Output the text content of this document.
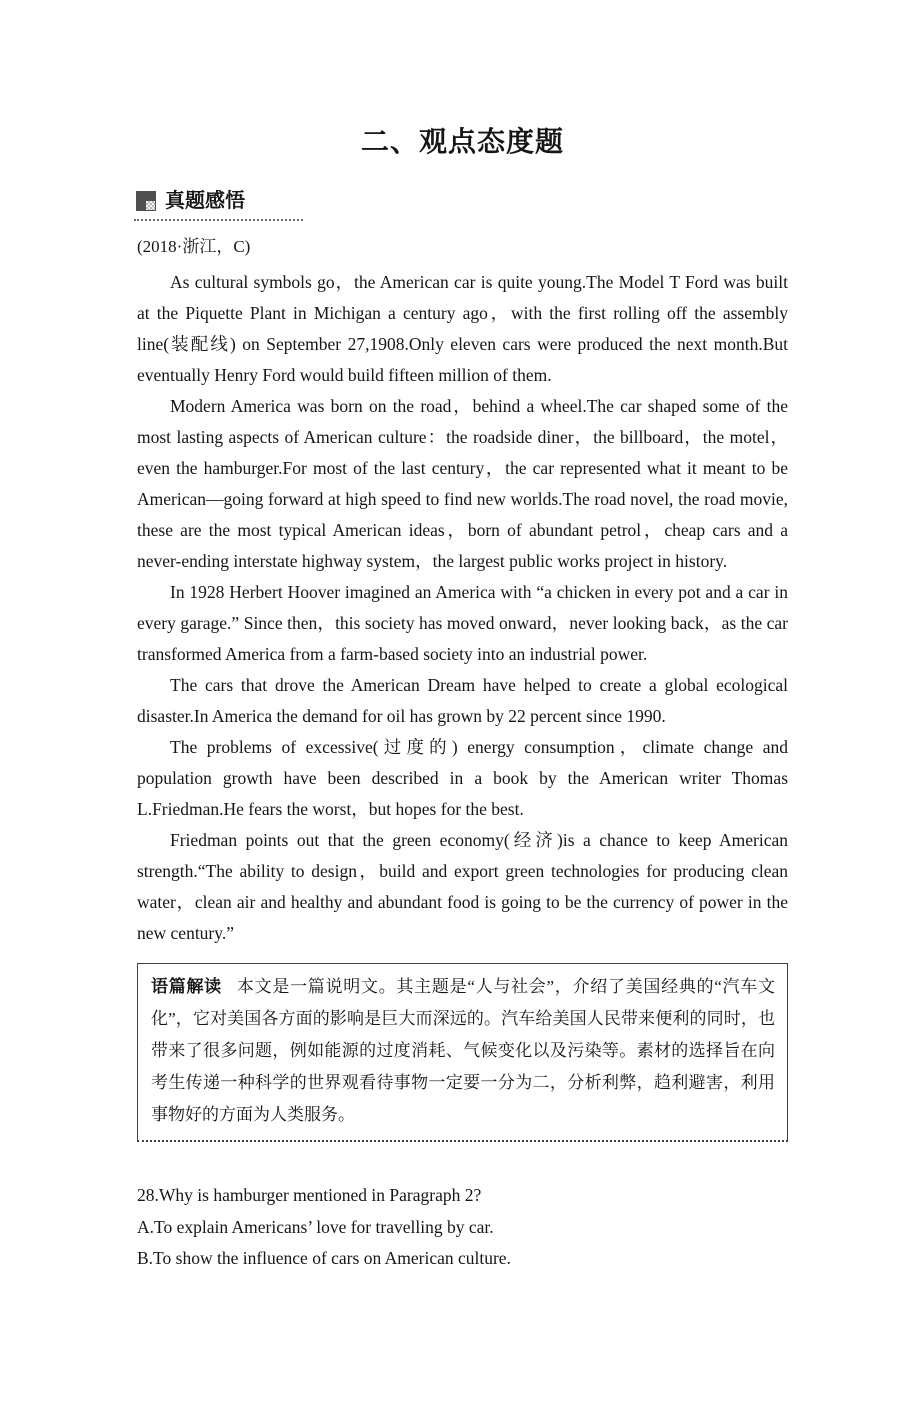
二、观点态度题
真题感悟
(2018·浙江，C)

As cultural symbols go，the American car is quite young.The Model T Ford was built at the Piquette Plant in Michigan a century ago，with the first rolling off the assembly line(装配线) on September 27,1908.Only eleven cars were produced the next month.But eventually Henry Ford would build fifteen million of them.

Modern America was born on the road，behind a wheel.The car shaped some of the most lasting aspects of American culture：the roadside diner，the billboard，the motel，even the hamburger.For most of the last century，the car represented what it meant to be American—going forward at high speed to find new worlds.The road novel, the road movie, these are the most typical American ideas，born of abundant petrol，cheap cars and a never-ending interstate highway system，the largest public works project in history.

In 1928 Herbert Hoover imagined an America with “a chicken in every pot and a car in every garage.” Since then，this society has moved onward，never looking back，as the car transformed America from a farm-based society into an industrial power.

The cars that drove the American Dream have helped to create a global ecological disaster.In America the demand for oil has grown by 22 percent since 1990.

The problems of excessive(过度的) energy consumption，climate change and population growth have been described in a book by the American writer Thomas L.Friedman.He fears the worst，but hopes for the best.

Friedman points out that the green economy(经济)is a chance to keep American strength.“The ability to design，build and export green technologies for producing clean water，clean air and healthy and abundant food is going to be the currency of power in the new century.”

语篇解读 本文是一篇说明文。其主题是“人与社会”，介绍了美国经典的“汽车文化”，它对美国各方面的影响是巨大而深远的。汽车给美国人民带来便利的同时，也带来了很多问题，例如能源的过度消耗、气候变化以及污染等。素材的选择旨在向考生传递一种科学的世界观看待事物一定要一分为二，分析利弊，趋利避害，利用事物好的方面为人类服务。

28.Why is hamburger mentioned in Paragraph 2?

A.To explain Americans’ love for travelling by car.

B.To show the influence of cars on American culture.
